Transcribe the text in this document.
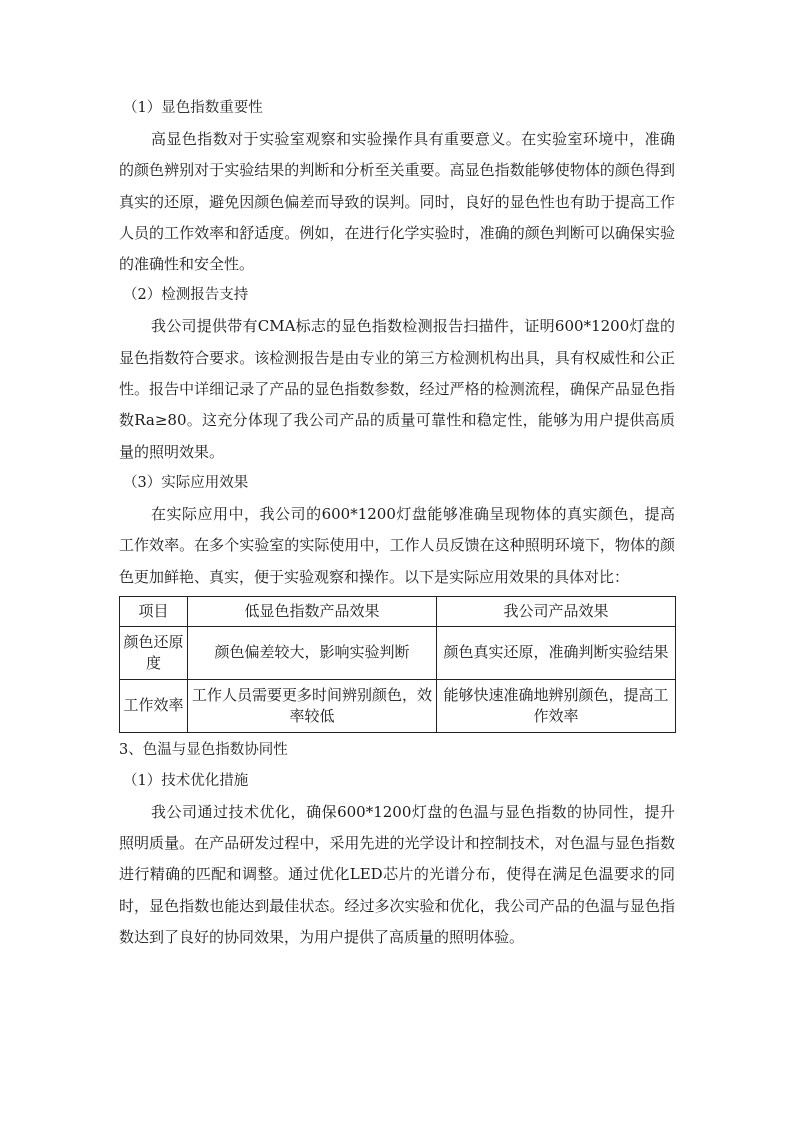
（1）显色指数重要性

高显色指数对于实验室观察和实验操作具有重要意义。在实验室环境中，准确的颜色辨别对于实验结果的判断和分析至关重要。高显色指数能够使物体的颜色得到真实的还原，避免因颜色偏差而导致的误判。同时，良好的显色性也有助于提高工作人员的工作效率和舒适度。例如，在进行化学实验时，准确的颜色判断可以确保实验的准确性和安全性。

（2）检测报告支持

我公司提供带有CMA标志的显色指数检测报告扫描件，证明600*1200灯盘的显色指数符合要求。该检测报告是由专业的第三方检测机构出具，具有权威性和公正性。报告中详细记录了产品的显色指数参数，经过严格的检测流程，确保产品显色指数Ra≥80。这充分体现了我公司产品的质量可靠性和稳定性，能够为用户提供高质量的照明效果。

（3）实际应用效果

在实际应用中，我公司的600*1200灯盘能够准确呈现物体的真实颜色，提高工作效率。在多个实验室的实际使用中，工作人员反馈在这种照明环境下，物体的颜色更加鲜艳、真实，便于实验观察和操作。以下是实际应用效果的具体对比：

项目	低显色指数产品效果	我公司产品效果
颜色还原度	颜色偏差较大，影响实验判断	颜色真实还原，准确判断实验结果
工作效率	工作人员需要更多时间辨别颜色，效率较低	能够快速准确地辨别颜色，提高工作效率
3、色温与显色指数协同性
（1）技术优化措施

我公司通过技术优化，确保600*1200灯盘的色温与显色指数的协同性，提升照明质量。在产品研发过程中，采用先进的光学设计和控制技术，对色温与显色指数进行精确的匹配和调整。通过优化LED芯片的光谱分布，使得在满足色温要求的同时，显色指数也能达到最佳状态。经过多次实验和优化，我公司产品的色温与显色指数达到了良好的协同效果，为用户提供了高质量的照明体验。
